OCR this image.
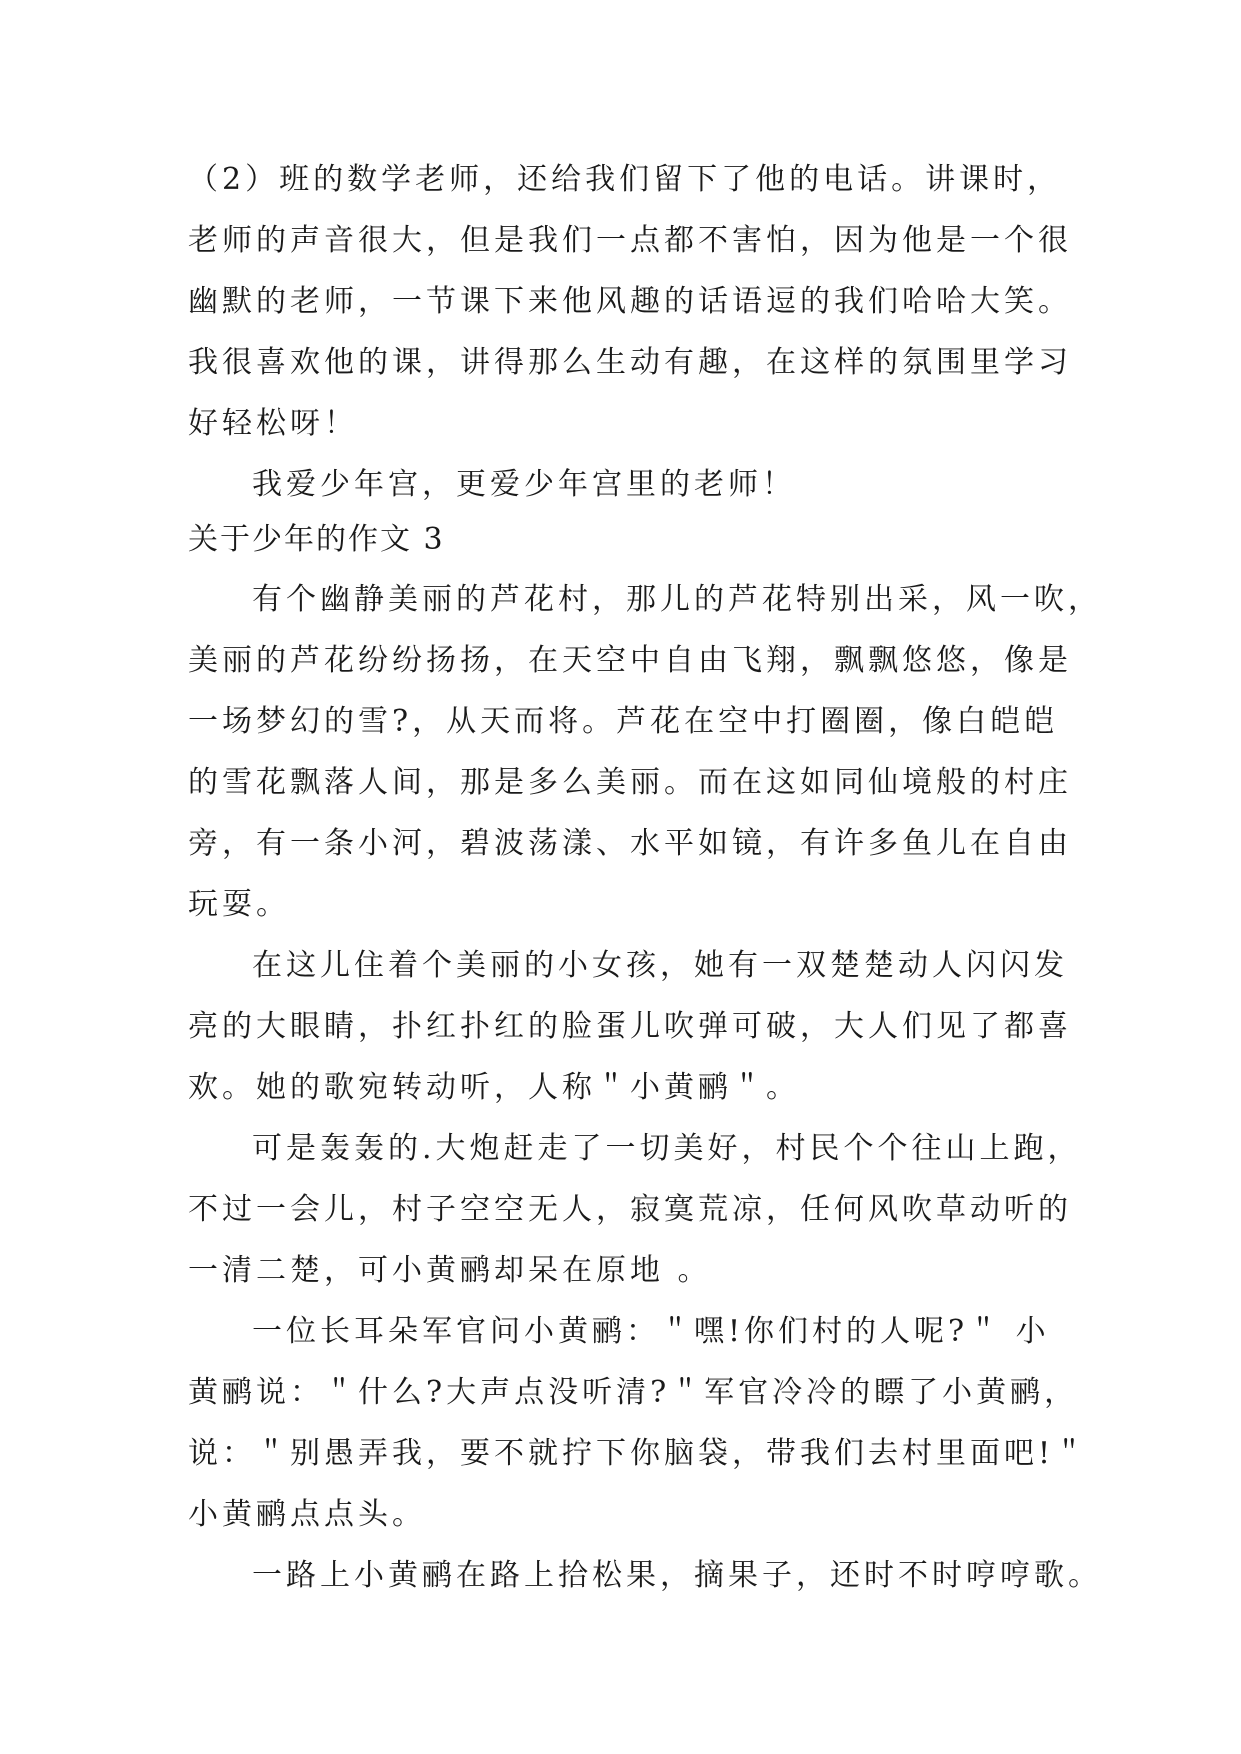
（2）班的数学老师，还给我们留下了他的电话。讲课时，
老师的声音很大，但是我们一点都不害怕，因为他是一个很
幽默的老师，一节课下来他风趣的话语逗的我们哈哈大笑。
我很喜欢他的课，讲得那么生动有趣，在这样的氛围里学习
好轻松呀！
我爱少年宫，更爱少年宫里的老师！
关于少年的作文 3
有个幽静美丽的芦花村，那儿的芦花特别出采，风一吹，
美丽的芦花纷纷扬扬，在天空中自由飞翔，飘飘悠悠，像是
一场梦幻的雪?，从天而将。芦花在空中打圈圈，像白皑皑
的雪花飘落人间，那是多么美丽。而在这如同仙境般的村庄
旁，有一条小河，碧波荡漾、水平如镜，有许多鱼儿在自由
玩耍。
在这儿住着个美丽的小女孩，她有一双楚楚动人闪闪发
亮的大眼睛，扑红扑红的脸蛋儿吹弹可破，大人们见了都喜
欢。她的歌宛转动听，人称＂小黄鹂＂。
可是轰轰的.大炮赶走了一切美好，村民个个往山上跑，
不过一会儿，村子空空无人，寂寞荒凉，任何风吹草动听的
一清二楚，可小黄鹂却呆在原地 。
一位长耳朵军官问小黄鹂：＂嘿!你们村的人呢?＂ 小
黄鹂说：＂什么?大声点没听清?＂军官冷冷的瞟了小黄鹂，
说：＂别愚弄我，要不就拧下你脑袋，带我们去村里面吧!＂
小黄鹂点点头。
一路上小黄鹂在路上拾松果，摘果子，还时不时哼哼歌。
